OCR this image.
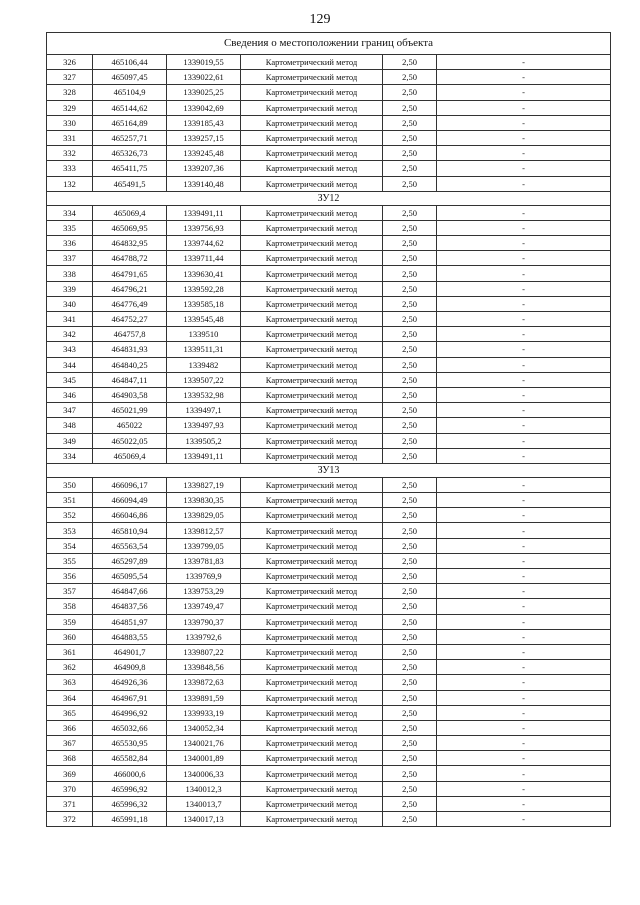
129
Сведения о местоположении границ объекта					
326	465106,44	1339019,55	Картометрический метод	2,50	-
327	465097,45	1339022,61	Картометрический метод	2,50	-
328	465104,9	1339025,25	Картометрический метод	2,50	-
329	465144,62	1339042,69	Картометрический метод	2,50	-
330	465164,89	1339185,43	Картометрический метод	2,50	-
331	465257,71	1339257,15	Картометрический метод	2,50	-
332	465326,73	1339245,48	Картометрический метод	2,50	-
333	465411,75	1339207,36	Картометрический метод	2,50	-
132	465491,5	1339140,48	Картометрический метод	2,50	-
ЗУ12					
334	465069,4	1339491,11	Картометрический метод	2,50	-
335	465069,95	1339756,93	Картометрический метод	2,50	-
336	464832,95	1339744,62	Картометрический метод	2,50	-
337	464788,72	1339711,44	Картометрический метод	2,50	-
338	464791,65	1339630,41	Картометрический метод	2,50	-
339	464796,21	1339592,28	Картометрический метод	2,50	-
340	464776,49	1339585,18	Картометрический метод	2,50	-
341	464752,27	1339545,48	Картометрический метод	2,50	-
342	464757,8	1339510	Картометрический метод	2,50	-
343	464831,93	1339511,31	Картометрический метод	2,50	-
344	464840,25	1339482	Картометрический метод	2,50	-
345	464847,11	1339507,22	Картометрический метод	2,50	-
346	464903,58	1339532,98	Картометрический метод	2,50	-
347	465021,99	1339497,1	Картометрический метод	2,50	-
348	465022	1339497,93	Картометрический метод	2,50	-
349	465022,05	1339505,2	Картометрический метод	2,50	-
334	465069,4	1339491,11	Картометрический метод	2,50	-
ЗУ13					
350	466096,17	1339827,19	Картометрический метод	2,50	-
351	466094,49	1339830,35	Картометрический метод	2,50	-
352	466046,86	1339829,05	Картометрический метод	2,50	-
353	465810,94	1339812,57	Картометрический метод	2,50	-
354	465563,54	1339799,05	Картометрический метод	2,50	-
355	465297,89	1339781,83	Картометрический метод	2,50	-
356	465095,54	1339769,9	Картометрический метод	2,50	-
357	464847,66	1339753,29	Картометрический метод	2,50	-
358	464837,56	1339749,47	Картометрический метод	2,50	-
359	464851,97	1339790,37	Картометрический метод	2,50	-
360	464883,55	1339792,6	Картометрический метод	2,50	-
361	464901,7	1339807,22	Картометрический метод	2,50	-
362	464909,8	1339848,56	Картометрический метод	2,50	-
363	464926,36	1339872,63	Картометрический метод	2,50	-
364	464967,91	1339891,59	Картометрический метод	2,50	-
365	464996,92	1339933,19	Картометрический метод	2,50	-
366	465032,66	1340052,34	Картометрический метод	2,50	-
367	465530,95	1340021,76	Картометрический метод	2,50	-
368	465582,84	1340001,89	Картометрический метод	2,50	-
369	466000,6	1340006,33	Картометрический метод	2,50	-
370	465996,92	1340012,3	Картометрический метод	2,50	-
371	465996,32	1340013,7	Картометрический метод	2,50	-
372	465991,18	1340017,13	Картометрический метод	2,50	-
